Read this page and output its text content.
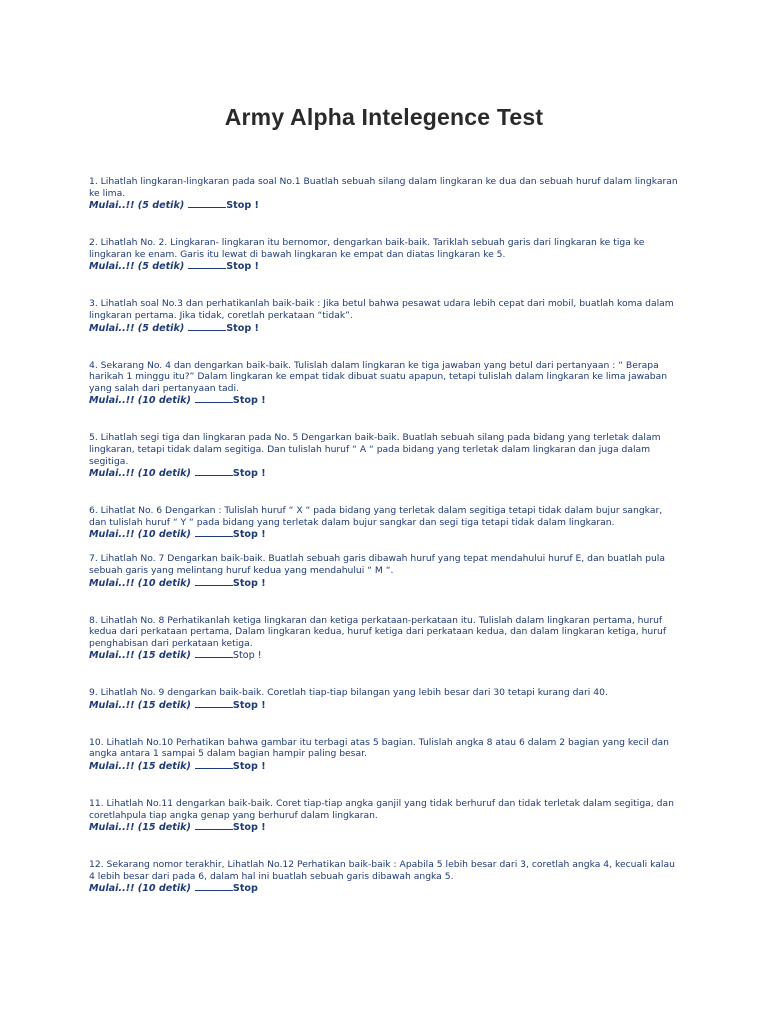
Army Alpha Intelegence Test

1. Lihatlah lingkaran-lingkaran pada soal No.1 Buatlah sebuah silang dalam lingkaran ke dua dan sebuah huruf dalam lingkaran ke lima.

Mulai..!! (5 detik)	Stop !

2. Lihatlah No. 2. Lingkaran- lingkaran itu bernomor, dengarkan baik-baik. Tariklah sebuah garis dari lingkaran ke tiga ke lingkaran ke enam. Garis itu lewat di bawah lingkaran ke empat dan diatas lingkaran ke 5.

Mulai..!! (5 detik)	Stop !

3. Lihatlah soal No.3 dan perhatikanlah baik-baik : Jika betul bahwa pesawat udara lebih cepat dari mobil, buatlah koma dalam lingkaran pertama. Jika tidak, coretlah perkataan “tidak”.

Mulai..!! (5 detik)	Stop !

4. Sekarang No. 4 dan dengarkan baik-baik. Tulislah dalam lingkaran ke tiga jawaban yang betul dari pertanyaan : “ Berapa harikah 1 minggu itu?” Dalam lingkaran ke empat tidak dibuat suatu apapun, tetapi tulislah dalam lingkaran ke lima jawaban yang salah dari pertanyaan tadi.

Mulai..!! (10 detik)	Stop !

5. Lihatlah segi tiga dan lingkaran pada No. 5 Dengarkan baik-baik. Buatlah sebuah silang pada bidang yang terletak dalam lingkaran, tetapi tidak dalam segitiga. Dan tulislah huruf “ A “ pada bidang yang terletak dalam lingkaran dan juga dalam segitiga.

Mulai..!! (10 detik)	Stop !

6. Lihatlat No. 6 Dengarkan : Tulislah huruf “ X “ pada bidang yang terletak dalam segitiga tetapi tidak dalam bujur sangkar, dan tulislah huruf “ Y “ pada bidang yang terletak dalam bujur sangkar dan segi tiga tetapi tidak dalam lingkaran.

Mulai..!! (10 detik)	Stop !

7. Lihatlah No. 7 Dengarkan baik-baik. Buatlah sebuah garis dibawah huruf yang tepat mendahului huruf E, dan buatlah pula sebuah garis yang melintang huruf kedua yang mendahului “ M “.

Mulai..!! (10 detik)	Stop !

8. Lihatlah No. 8 Perhatikanlah ketiga lingkaran dan ketiga perkataan-perkataan itu. Tulislah dalam lingkaran pertama, huruf kedua dari perkataan pertama, Dalam lingkaran kedua, huruf ketiga dari perkataan kedua, dan dalam lingkaran ketiga, huruf penghabisan dari perkataan ketiga.

Mulai..!! (15 detik)	Stop !

9. Lihatlah No. 9 dengarkan baik-baik. Coretlah tiap-tiap bilangan yang lebih besar dari 30 tetapi kurang dari 40.

Mulai..!! (15 detik)	Stop !

10. Lihatlah No.10 Perhatikan bahwa gambar itu terbagi atas 5 bagian. Tulislah angka 8 atau 6 dalam 2 bagian yang kecil dan angka antara 1 sampai 5 dalam bagian hampir paling besar.

Mulai..!! (15 detik)	Stop !

11. Lihatlah No.11 dengarkan baik-baik. Coret tiap-tiap angka ganjil yang tidak berhuruf dan tidak terletak dalam segitiga, dan coretlahpula tiap angka genap yang berhuruf dalam lingkaran.

Mulai..!! (15 detik)	Stop !

12. Sekarang nomor terakhir, Lihatlah No.12 Perhatikan baik-baik : Apabila 5 lebih besar dari 3, coretlah angka 4, kecuali kalau 4 lebih besar dari pada 6, dalam hal ini buatlah sebuah garis dibawah angka 5.

Mulai..!! (10 detik)	Stop
